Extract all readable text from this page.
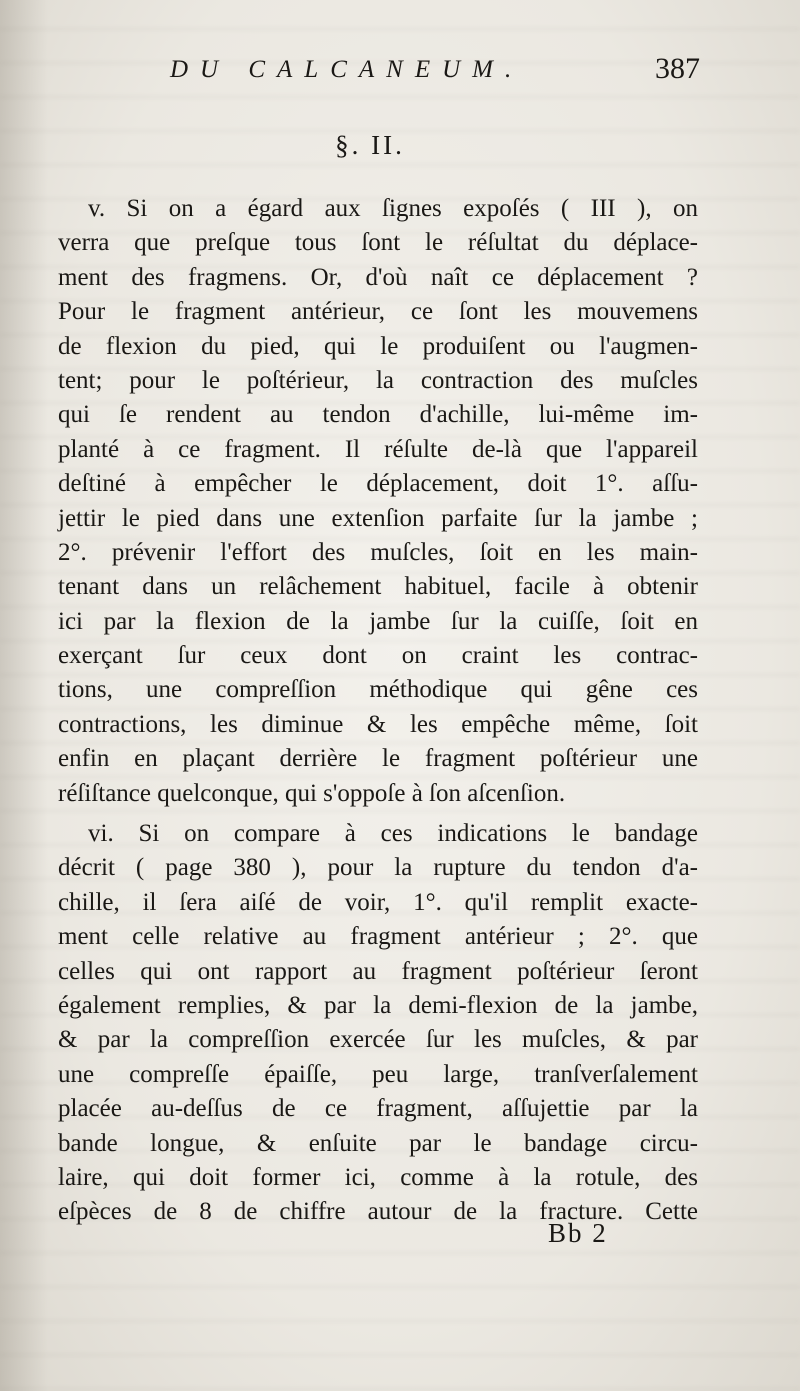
DU CALCANEUM.	387
§. II.
v. Si on a égard aux ſignes expoſés ( III ), on
verra que preſque tous ſont le réſultat du déplace-
ment des fragmens. Or, d'où naît ce déplacement ?
Pour le fragment antérieur, ce ſont les mouvemens
de flexion du pied, qui le produiſent ou l'augmen-
tent; pour le poſtérieur, la contraction des muſcles
qui ſe rendent au tendon d'achille, lui-même im-
planté à ce fragment. Il réſulte de-là que l'appareil
deſtiné à empêcher le déplacement, doit 1°. aſſu-
jettir le pied dans une extenſion parfaite ſur la jambe ;
2°. prévenir l'effort des muſcles, ſoit en les main-
tenant dans un relâchement habituel, facile à obtenir
ici par la flexion de la jambe ſur la cuiſſe, ſoit en
exerçant ſur ceux dont on craint les contrac-
tions, une compreſſion méthodique qui gêne ces
contractions, les diminue & les empêche même, ſoit
enfin en plaçant derrière le fragment poſtérieur une
réſiſtance quelconque, qui s'oppoſe à ſon aſcenſion.
vi. Si on compare à ces indications le bandage
décrit ( page 380 ), pour la rupture du tendon d'a-
chille, il ſera aiſé de voir, 1°. qu'il remplit exacte-
ment celle relative au fragment antérieur ; 2°. que
celles qui ont rapport au fragment poſtérieur ſeront
également remplies, & par la demi-flexion de la jambe,
& par la compreſſion exercée ſur les muſcles, & par
une compreſſe épaiſſe, peu large, tranſverſalement
placée au-deſſus de ce fragment, aſſujettie par la
bande longue, & enſuite par le bandage circu-
laire, qui doit former ici, comme à la rotule, des
eſpèces de 8 de chiffre autour de la fracture. Cette
Bb 2
